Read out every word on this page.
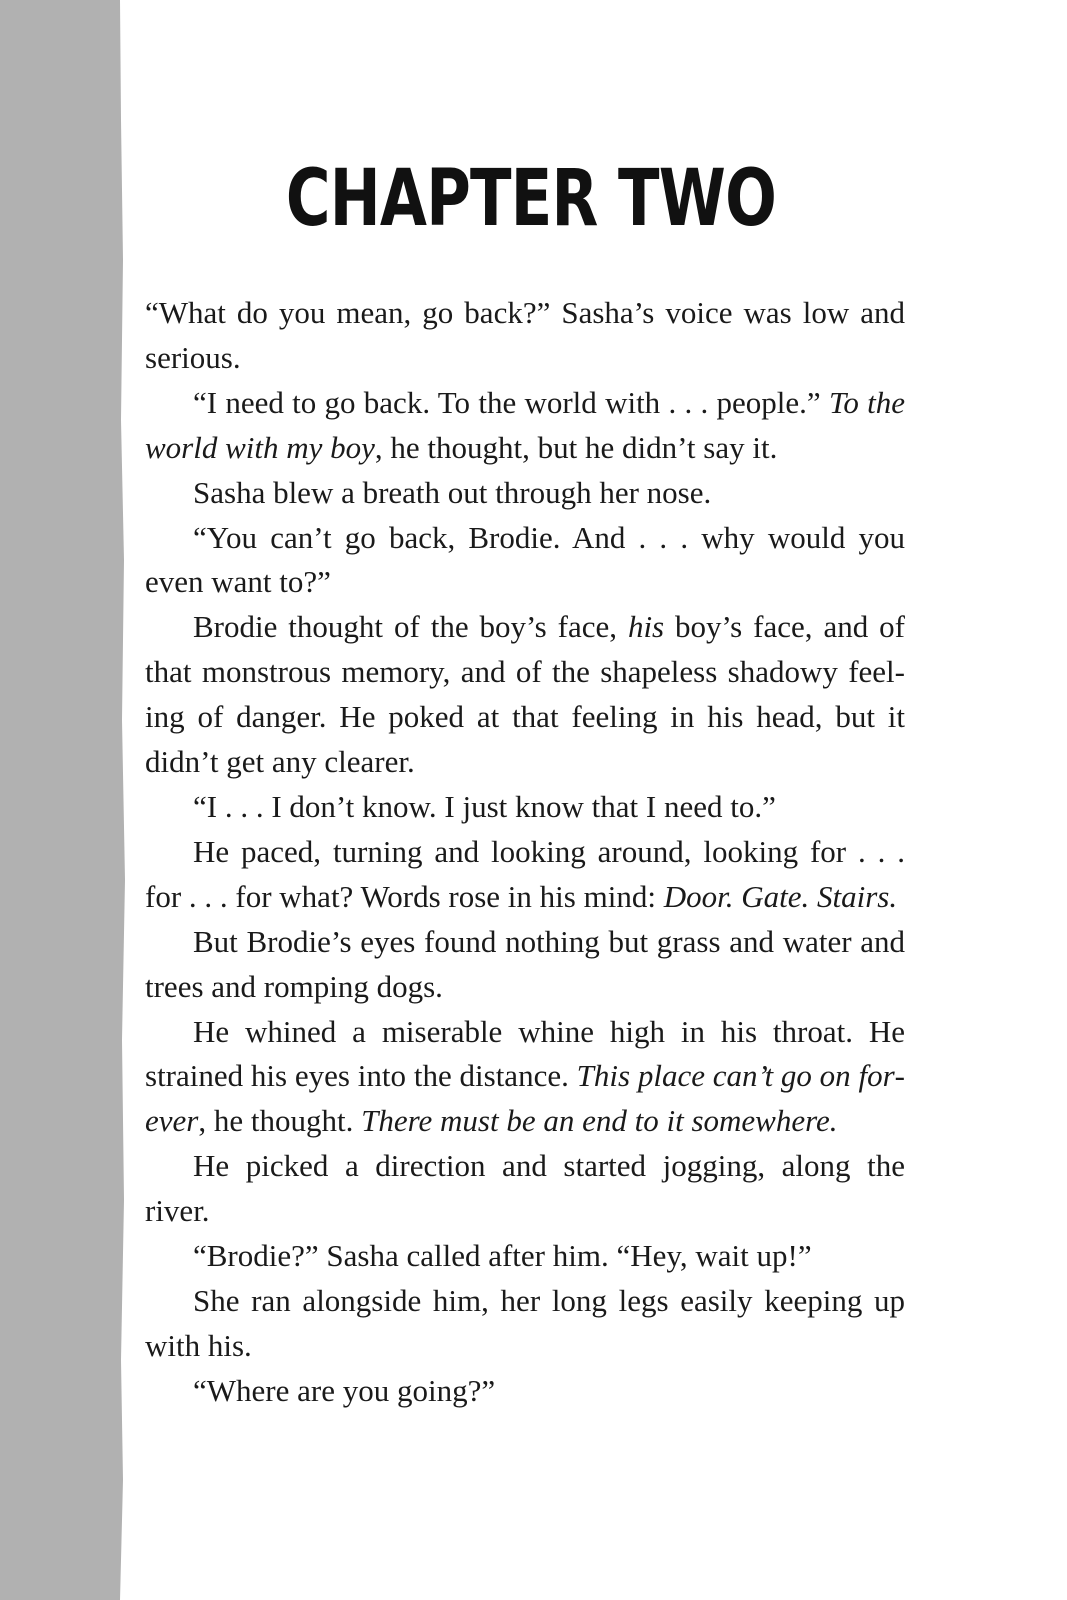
CHAPTER TWO

“What do you mean, go back?” Sasha’s voice was low and serious.

“I need to go back. To the world with . . . people.” To the world with my boy, he thought, but he didn’t say it.

Sasha blew a breath out through her nose.

“You can’t go back, Brodie. And . . . why would you even want to?”

Brodie thought of the boy’s face, his boy’s face, and of that monstrous memory, and of the shapeless shadowy feeling of danger. He poked at that feeling in his head, but it didn’t get any clearer.

“I . . . I don’t know. I just know that I need to.”

He paced, turning and looking around, looking for . . . for . . . for what? Words rose in his mind: Door. Gate. Stairs.

But Brodie’s eyes found nothing but grass and water and trees and romping dogs.

He whined a miserable whine high in his throat. He strained his eyes into the distance. This place can’t go on forever, he thought. There must be an end to it somewhere.

He picked a direction and started jogging, along the river.

“Brodie?” Sasha called after him. “Hey, wait up!”

She ran alongside him, her long legs easily keeping up with his.

“Where are you going?”
